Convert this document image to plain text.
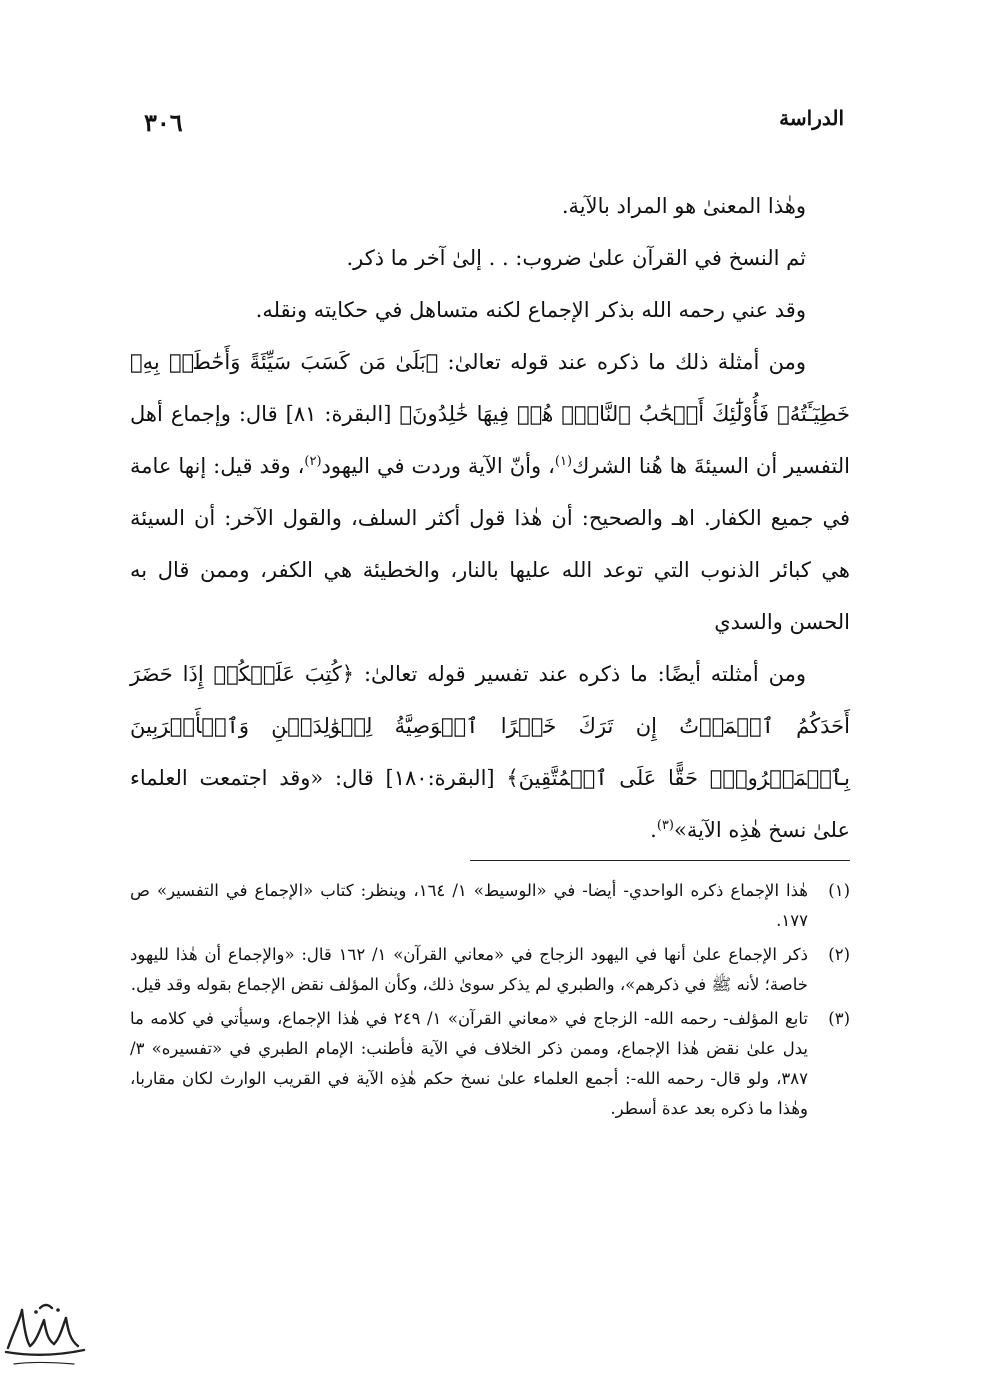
الدراسة
٣٠٦

وهٰذا المعنىٰ هو المراد بالآية.

ثم النسخ في القرآن علىٰ ضروب: . . إلىٰ آخر ما ذكر.

وقد عني رحمه الله بذكر الإجماع لكنه متساهل في حكايته ونقله.

ومن أمثلة ذلك ما ذكره عند قوله تعالىٰ: ﴿بَلَىٰ مَن كَسَبَ سَيِّئَةً وَأَحَٰطَتۡ بِهِۦ خَطِيٓـَٔتُهُۥ فَأُوْلَٰٓئِكَ أَصۡحَٰبُ ٱلنَّارِۖ هُمۡ فِيهَا خَٰلِدُونَ﴾ [البقرة: ٨١] قال: وإجماع أهل التفسير أن السيئةَ ها هُنا الشرك$^{(١)}$، وأنّ الآية وردت في اليهود$^{(٢)}$، وقد قيل: إنها عامة في جميع الكفار. اهـ والصحيح: أن هٰذا قول أكثر السلف، والقول الآخر: أن السيئة هي كبائر الذنوب التي توعد الله عليها بالنار، والخطيئة هي الكفر، وممن قال به الحسن والسدي

ومن أمثلته أيضًا: ما ذكره عند تفسير قوله تعالىٰ: ﴿كُتِبَ عَلَيۡكُمۡ إِذَا حَضَرَ أَحَدَكُمُ ٱلۡمَوۡتُ إِن تَرَكَ خَيۡرًا ٱلۡوَصِيَّةُ لِلۡوَٰلِدَيۡنِ وَٱلۡأَقۡرَبِينَ بِٱلۡمَعۡرُوفِۖ حَقًّا عَلَى ٱلۡمُتَّقِينَ﴾ [البقرة:١٨٠] قال: «وقد اجتمعت العلماء علىٰ نسخ هٰذِه الآية»$^{(٣)}$.

(١)
هٰذا الإجماع ذكره الواحدي- أيضا- في «الوسيط» ١/ ١٦٤، وينظر: كتاب «الإجماع في التفسير» ص ١٧٧.
(٢)
ذكر الإجماع علىٰ أنها في اليهود الزجاج في «معاني القرآن» ١/ ١٦٢ قال: «والإجماع أن هٰذا لليهود خاصة؛ لأنه ﷺ في ذكرهم»، والطبري لم يذكر سوىٰ ذلك، وكأن المؤلف نقض الإجماع بقوله وقد قيل.
(٣)
تابع المؤلف- رحمه الله- الزجاج في «معاني القرآن» ١/ ٢٤٩ في هٰذا الإجماع، وسيأتي في كلامه ما يدل علىٰ نقض هٰذا الإجماع، وممن ذكر الخلاف في الآية فأطنب: الإمام الطبري في «تفسيره» ٣/ ٣٨٧، ولو قال- رحمه الله-: أجمع العلماء علىٰ نسخ حكم هٰذِه الآية في القريب الوارث لكان مقاربا، وهٰذا ما ذكره بعد عدة أسطر.
